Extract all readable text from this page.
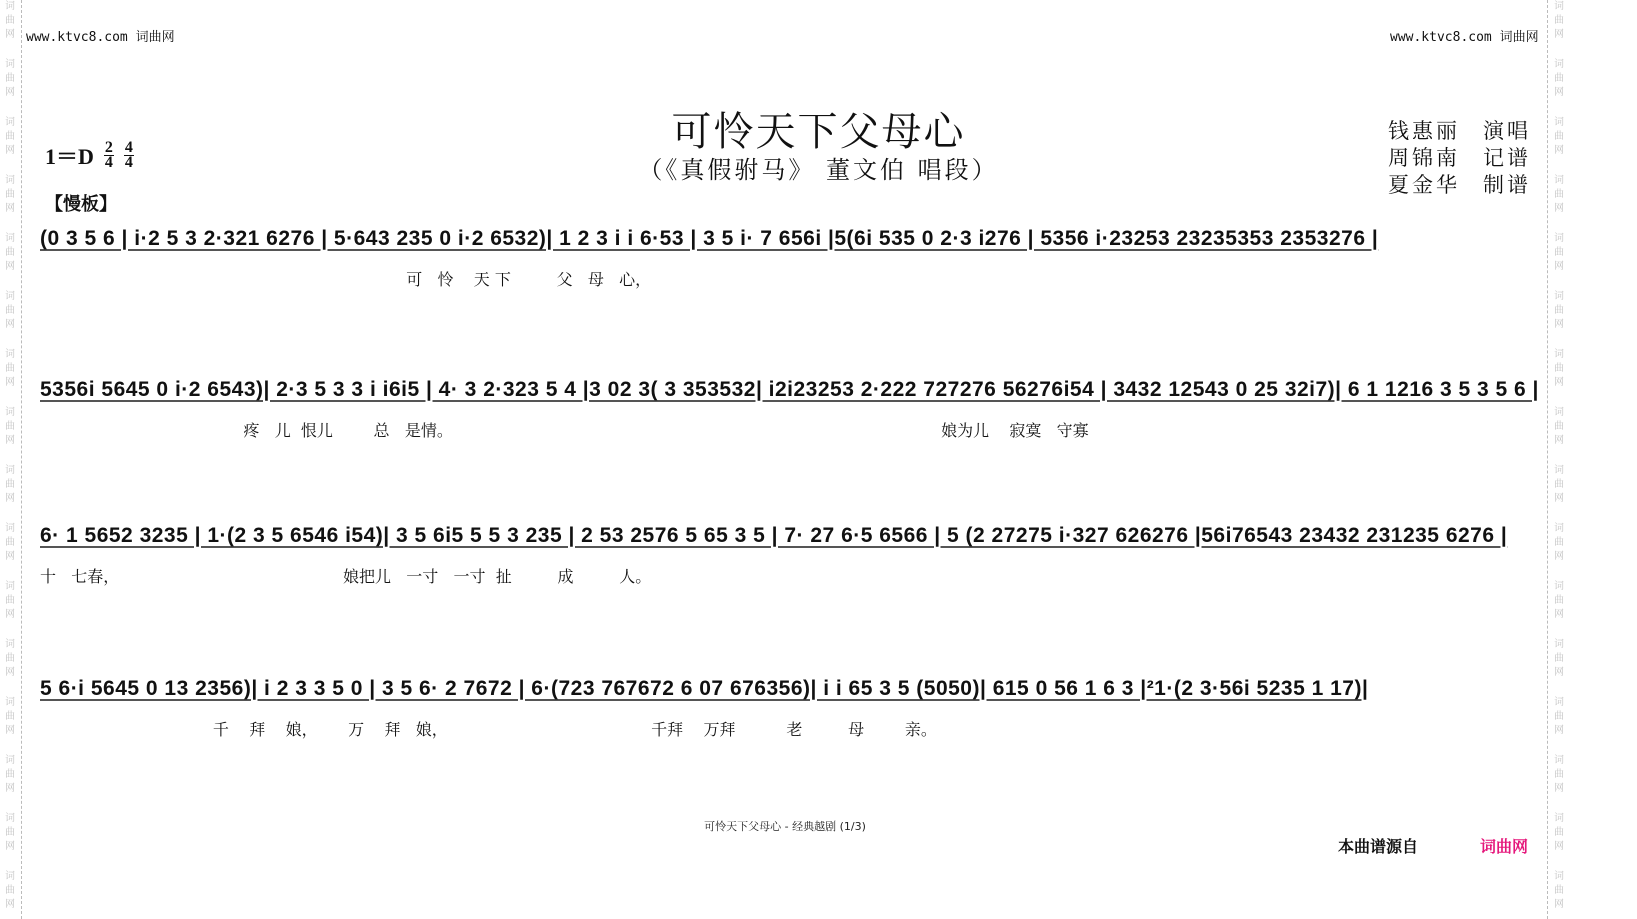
词
曲
网
词
曲
网
词
曲
网
词
曲
网
词
曲
网
词
曲
网
词
曲
网
词
曲
网
词
曲
网
词
曲
网
词
曲
网
词
曲
网
词
曲
网
词
曲
网
词
曲
网
词
曲
网
词
曲
网
词
曲
网
词
曲
网
词
曲
网
词
曲
网
词
曲
网
词
曲
网
词
曲
网
词
曲
网
词
曲
网
词
曲
网
词
曲
网
词
曲
网
词
曲
网
词
曲
网
词
曲
网
www.ktvc8.com 词曲网	www.ktvc8.com 词曲网
可怜天下父母心
（《真假驸马》 董文伯 唱段）
$1=D \frac{2}{4} \frac{4}{4}$
【慢板】
钱惠丽	演唱
周锦南	记谱
夏金华	制谱
(0 3 5 6 | i·2 5 3 2·321 6276 | 5·643 235 0 i·2 6532)| 1 2 3 i i 6·53 | 3 5 i· 7 656i |5(6i 535 0 2·3 i276 | 5356 i·23253 23235353 2353276 |
可   怜    天 下         父   母   心，
5356i 5645 0 i·2 6543)| 2·3 5 3 3 i i6i5 | 4· 3 2·323 5 4 |3 02 3( 3 353532| i2i23253 2·222 727276 56276i54 | 3432 12543 0 25 32i7)| 6 1 1216 3 5 3 5 6 |
疼   儿  恨儿        总   是情。                                                                                                娘为儿    寂寞   守寡
6· 1 5652 3235 | 1·(2 3 5 6546 i54)| 3 5 6i5 5 5 3 235 | 2 53 2576 5 65 3 5 | 7· 27 6·5 6566 | 5 (2 27275 i·327 626276 |56i76543 23432 231235 6276 |
十   七春，                                            娘把儿   一寸   一寸  扯         成         人。
5 6·i 5645 0 13 2356)| i 2 3 3 5 0 | 3 5 6· 2 7672 | 6·(723 767672 6 07 676356)| i i 65 3 5 (5050)| 615 0 56 1 6 3 |²1·(2 3·56i 5235 1 17)|
千    拜    娘，      万    拜   娘，                                        千拜    万拜          老         母        亲。
可怜天下父母心 - 经典越剧 (1/3)
本曲谱源自	词曲网
